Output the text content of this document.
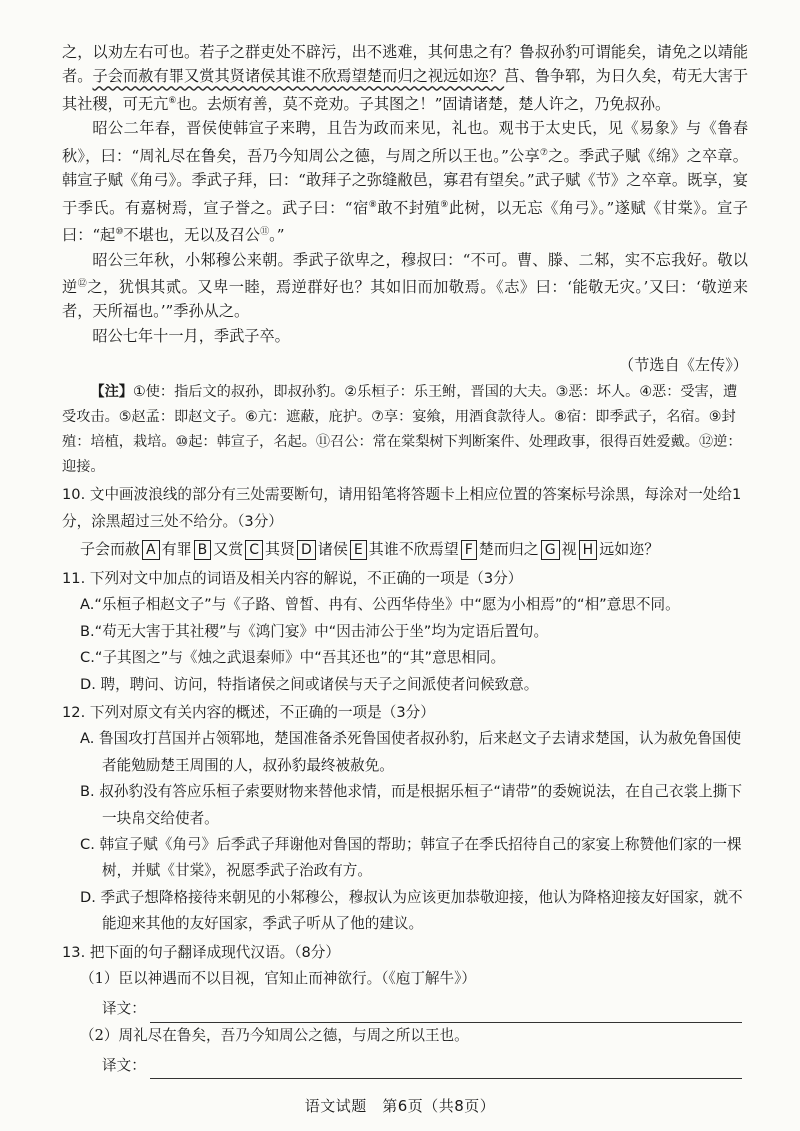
之，以劝左右可也。若子之群吏处不辟污，出不逃难，其何患之有？鲁叔孙豹可谓能矣，请免之以靖能者。子会而赦有罪又赏其贤诸侯其谁不欣焉望楚而归之视远如迩？莒、鲁争郓，为日久矣，苟无大害于其社稷，可无亢⑥也。去烦宥善，莫不竞劝。子其图之！”固请诸楚，楚人许之，乃免叔孙。

昭公二年春，晋侯使韩宣子来聘，且告为政而来见，礼也。观书于太史氏，见《易象》与《鲁春秋》，曰：“周礼尽在鲁矣，吾乃今知周公之德，与周之所以王也。”公享⑦之。季武子赋《绵》之卒章。韩宣子赋《角弓》。季武子拜，曰：“敢拜子之弥缝敝邑，寡君有望矣。”武子赋《节》之卒章。既享，宴于季氏。有嘉树焉，宣子誉之。武子曰：“宿⑧敢不封殖⑨此树，以无忘《角弓》。”遂赋《甘棠》。宣子曰：“起⑩不堪也，无以及召公⑪。”

昭公三年秋，小邾穆公来朝。季武子欲卑之，穆叔曰：“不可。曹、滕、二邾，实不忘我好。敬以逆⑫之，犹惧其贰。又卑一睦，焉逆群好也？其如旧而加敬焉。《志》曰：‘能敬无灾。’又曰：‘敬逆来者，天所福也。’”季孙从之。

昭公七年十一月，季武子卒。

（节选自《左传》）

【注】①使：指后文的叔孙，即叔孙豹。②乐桓子：乐王鲋，晋国的大夫。③恶：坏人。④恶：受害，遭受攻击。⑤赵孟：即赵文子。⑥亢：遮蔽，庇护。⑦享：宴飨，用酒食款待人。⑧宿：即季武子，名宿。⑨封殖：培植，栽培。⑩起：韩宣子，名起。⑪召公：常在棠梨树下判断案件、处理政事，很得百姓爱戴。⑫逆：迎接。

10. 文中画波浪线的部分有三处需要断句，请用铅笔将答题卡上相应位置的答案标号涂黑，每涂对一处给1分，涂黑超过三处不给分。（3分）

子会而赦 A 有罪 B 又赏 C 其贤 D 诸侯 E 其谁不欣焉望 F 楚而归之 G 视 H 远如迩？

11. 下列对文中加点的词语及相关内容的解说，不正确的一项是（3分）

A.“乐桓子相赵文子”与《子路、曾皙、冉有、公西华侍坐》中“愿为小相焉”的“相”意思不同。

B.“苟无大害于其社稷”与《鸿门宴》中“因击沛公于坐”均为定语后置句。

C.“子其图之”与《烛之武退秦师》中“吾其还也”的“其”意思相同。

D. 聘，聘问、访问，特指诸侯之间或诸侯与天子之间派使者问候致意。

12. 下列对原文有关内容的概述，不正确的一项是（3分）

A. 鲁国攻打莒国并占领郓地，楚国准备杀死鲁国使者叔孙豹，后来赵文子去请求楚国，认为赦免鲁国使者能勉励楚王周围的人，叔孙豹最终被赦免。

B. 叔孙豹没有答应乐桓子索要财物来替他求情，而是根据乐桓子“请带”的委婉说法，在自己衣裳上撕下一块帛交给使者。

C. 韩宣子赋《角弓》后季武子拜谢他对鲁国的帮助；韩宣子在季氏招待自己的家宴上称赞他们家的一棵树，并赋《甘棠》，祝愿季武子治政有方。

D. 季武子想降格接待来朝见的小邾穆公，穆叔认为应该更加恭敬迎接，他认为降格迎接友好国家，就不能迎来其他的友好国家，季武子听从了他的建议。

13. 把下面的句子翻译成现代汉语。（8分）

（1）臣以神遇而不以目视，官知止而神欲行。（《庖丁解牛》）

译文：

（2）周礼尽在鲁矣，吾乃今知周公之德，与周之所以王也。

译文：
语文试题　第6页（共8页）
